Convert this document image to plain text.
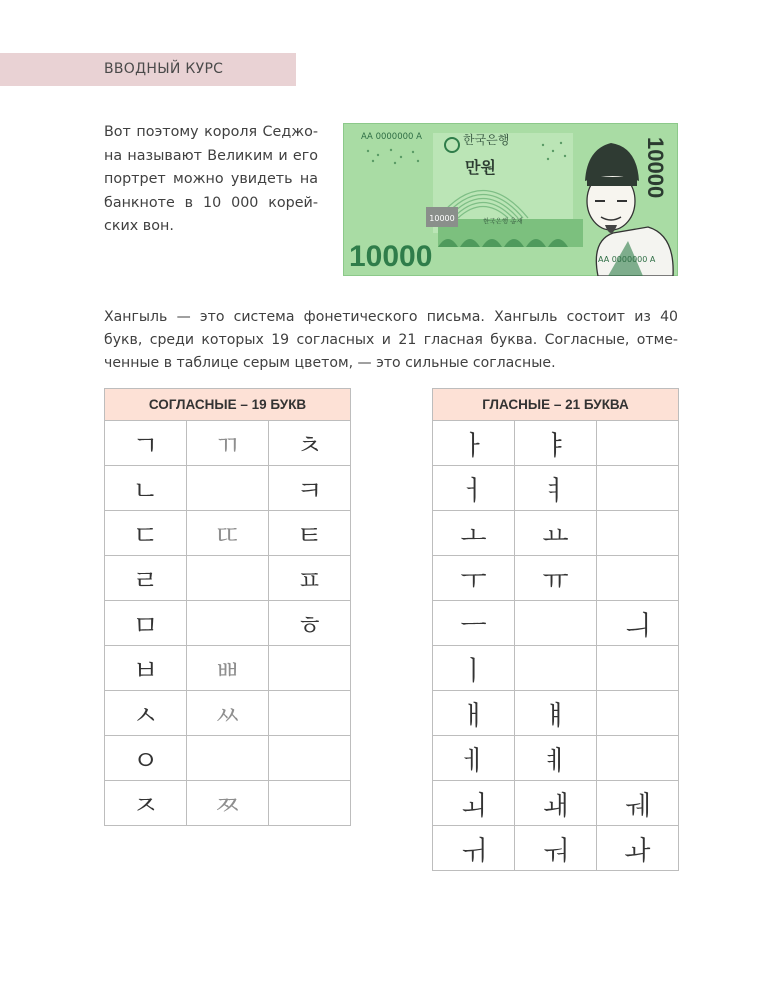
ВВОДНЫЙ КУРС

Вот поэтому короля Седжо-на называют Великим и его портрет можно увидеть на банкноте в 10 000 корей-ских вон.	10000
AA 0000000 A	한국은행
만원
한국은행 총재
10000
10000
AA 0000000 A

Хангыль — это система фонетического письма. Хангыль состоит из 40 букв, среди которых 19 согласных и 21 гласная буква. Согласные, отме-ченные в таблице серым цветом, — это сильные согласные.

СОГЛАСНЫЕ – 19 БУКВ		
ㄱ	ㄲ	ㅊ
ㄴ		ㅋ
ㄷ	ㄸ	ㅌ
ㄹ		ㅍ
ㅁ		ㅎ
ㅂ	ㅃ	
ㅅ	ㅆ	
ㅇ		
ㅈ	ㅉ	
ГЛАСНЫЕ – 21 БУКВА		
ㅏ	ㅑ	
ㅓ	ㅕ	
ㅗ	ㅛ	
ㅜ	ㅠ	
ㅡ		ㅢ
ㅣ		
ㅐ	ㅒ	
ㅔ	ㅖ	
ㅚ	ㅙ	ㅞ
ㅟ	ㅝ	ㅘ
